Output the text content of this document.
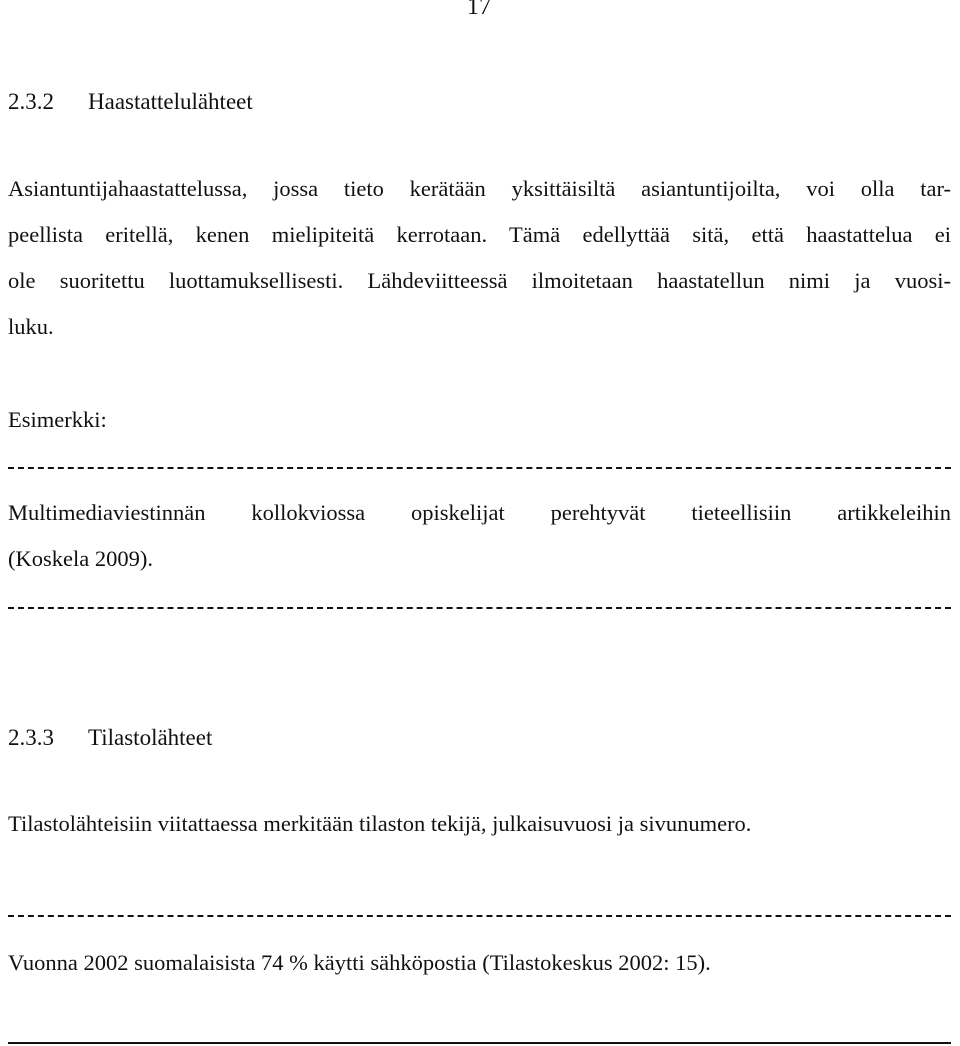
17
2.3.2 Haastattelulähteet

Asiantuntijahaastattelussa, jossa tieto kerätään yksittäisiltä asiantuntijoilta, voi olla tar-

peellista eritellä, kenen mielipiteitä kerrotaan. Tämä edellyttää sitä, että haastattelua ei

ole suoritettu luottamuksellisesti. Lähdeviitteessä ilmoitetaan haastatellun nimi ja vuosi-

luku.

Esimerkki:

Multimediaviestinnän kollokviossa opiskelijat perehtyvät tieteellisiin artikkeleihin

(Koskela 2009).

2.3.3 Tilastolähteet

Tilastolähteisiin viitattaessa merkitään tilaston tekijä, julkaisuvuosi ja sivunumero.

Vuonna 2002 suomalaisista 74 % käytti sähköpostia (Tilastokeskus 2002: 15).
